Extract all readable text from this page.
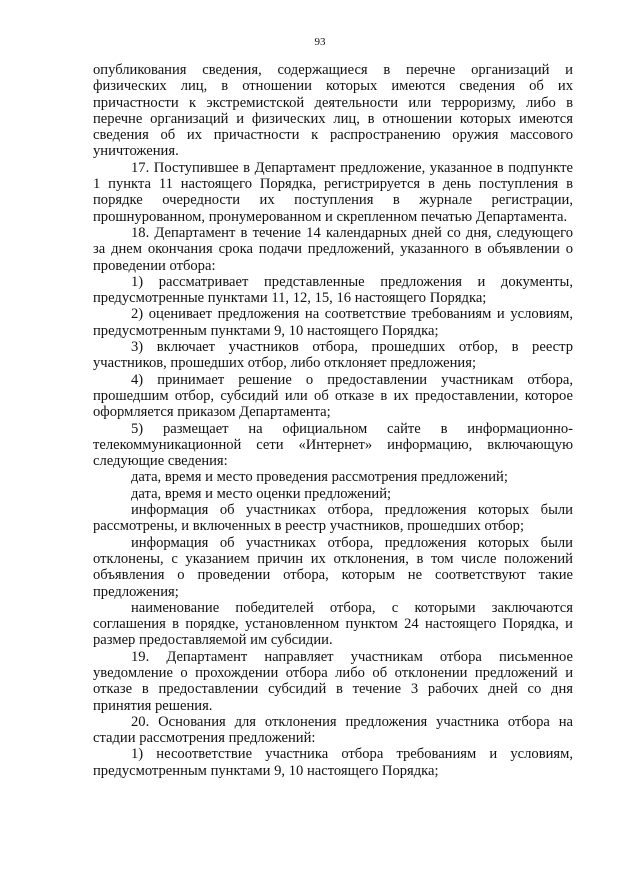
93

опубликования сведения, содержащиеся в перечне организаций и физических лиц, в отношении которых имеются сведения об их причастности к экстремистской деятельности или терроризму, либо в перечне организаций и физических лиц, в отношении которых имеются сведения об их причастности к распространению оружия массового уничтожения.

17. Поступившее в Департамент предложение, указанное в подпункте 1 пункта 11 настоящего Порядка, регистрируется в день поступления в порядке очередности их поступления в журнале регистрации, прошнурованном, пронумерованном и скрепленном печатью Департамента.

18. Департамент в течение 14 календарных дней со дня, следующего за днем окончания срока подачи предложений, указанного в объявлении о проведении отбора:

1) рассматривает представленные предложения и документы, предусмотренные пунктами 11, 12, 15, 16 настоящего Порядка;

2) оценивает предложения на соответствие требованиям и условиям, предусмотренным пунктами 9, 10 настоящего Порядка;

3) включает участников отбора, прошедших отбор, в реестр участников, прошедших отбор, либо отклоняет предложения;

4) принимает решение о предоставлении участникам отбора, прошедшим отбор, субсидий или об отказе в их предоставлении, которое оформляется приказом Департамента;

5) размещает на официальном сайте в информационно-телекоммуникационной сети «Интернет» информацию, включающую следующие сведения:

дата, время и место проведения рассмотрения предложений;

дата, время и место оценки предложений;

информация об участниках отбора, предложения которых были рассмотрены, и включенных в реестр участников, прошедших отбор;

информация об участниках отбора, предложения которых были отклонены, с указанием причин их отклонения, в том числе положений объявления о проведении отбора, которым не соответствуют такие предложения;

наименование победителей отбора, с которыми заключаются соглашения в порядке, установленном пунктом 24 настоящего Порядка, и размер предоставляемой им субсидии.

19. Департамент направляет участникам отбора письменное уведомление о прохождении отбора либо об отклонении предложений и отказе в предоставлении субсидий в течение 3 рабочих дней со дня принятия решения.

20. Основания для отклонения предложения участника отбора на стадии рассмотрения предложений:

1) несоответствие участника отбора требованиям и условиям, предусмотренным пунктами 9, 10 настоящего Порядка;
